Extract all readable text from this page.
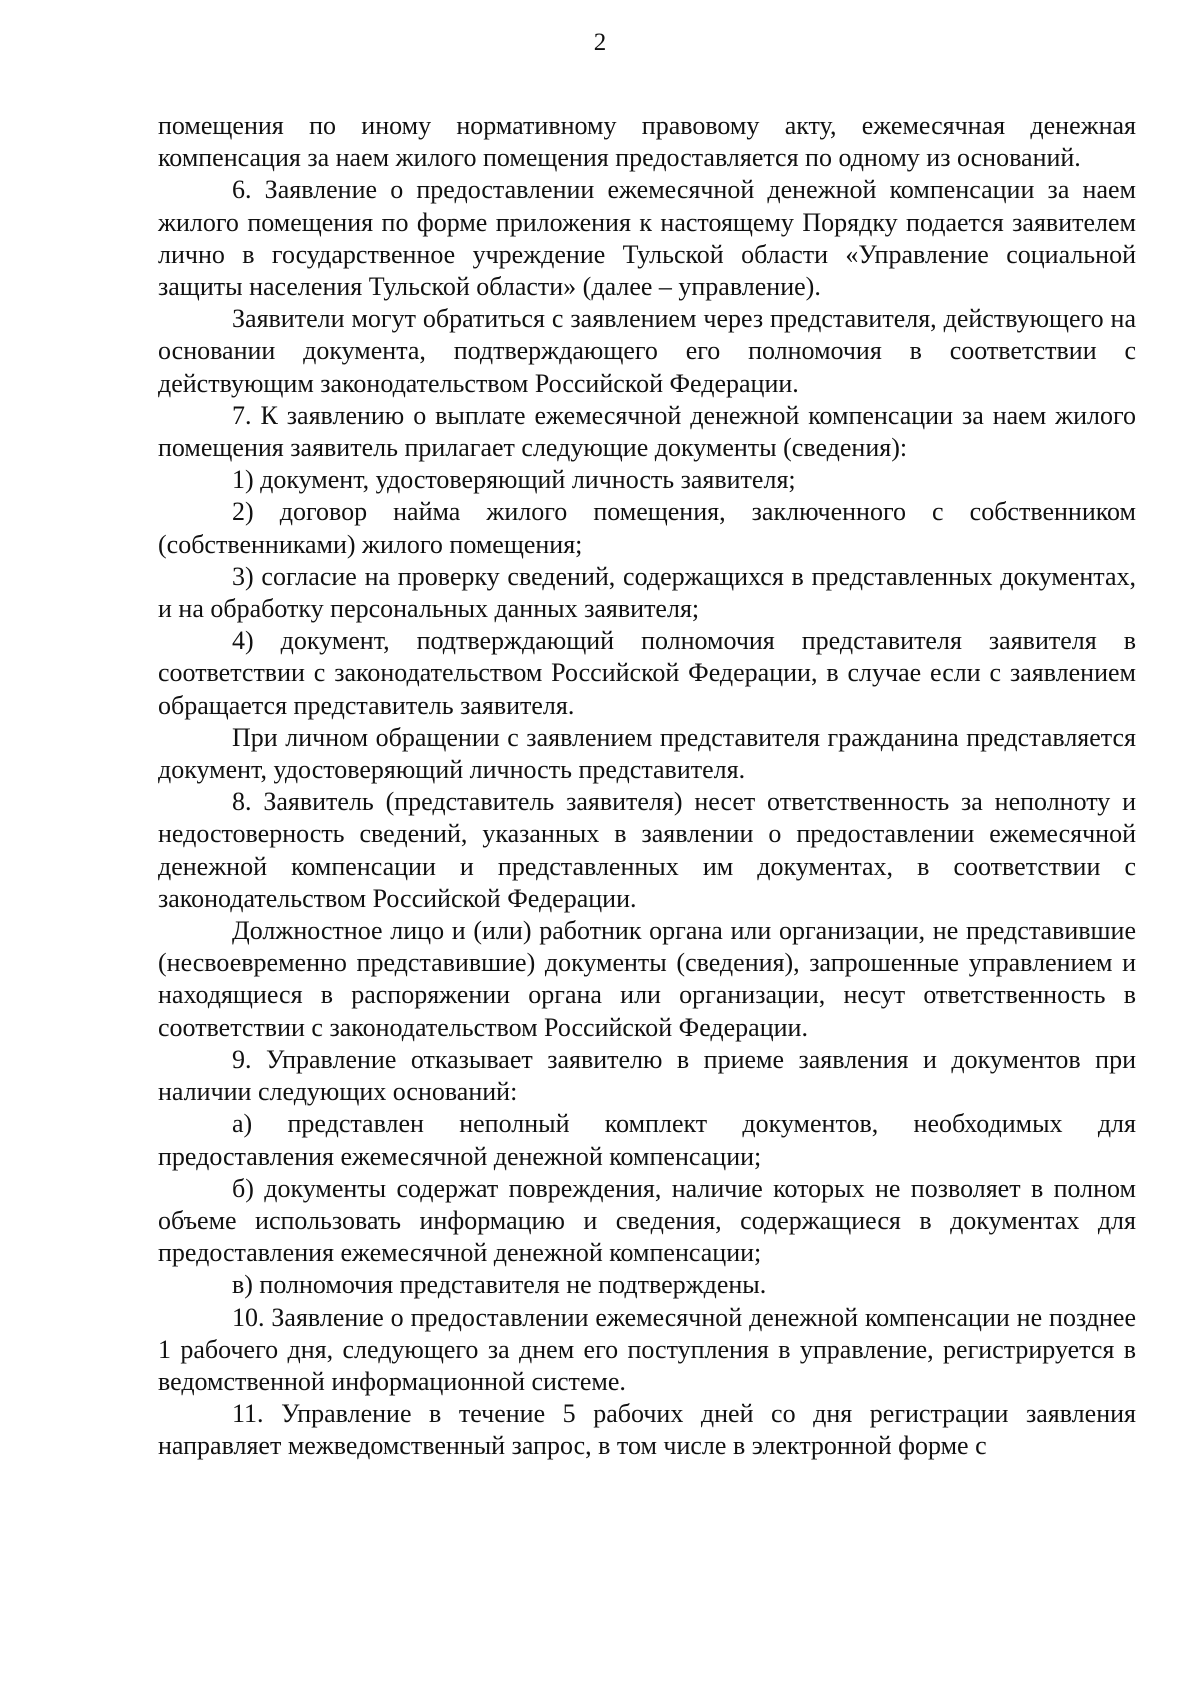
2

помещения по иному нормативному правовому акту, ежемесячная денежная компенсация за наем жилого помещения предоставляется по одному из оснований.

6. Заявление о предоставлении ежемесячной денежной компенсации за наем жилого помещения по форме приложения к настоящему Порядку подается заявителем лично в государственное учреждение Тульской области «Управление социальной защиты населения Тульской области» (далее – управление).

Заявители могут обратиться с заявлением через представителя, действующего на основании документа, подтверждающего его полномочия в соответствии с действующим законодательством Российской Федерации.

7. К заявлению о выплате ежемесячной денежной компенсации за наем жилого помещения заявитель прилагает следующие документы (сведения):

1) документ, удостоверяющий личность заявителя;

2) договор найма жилого помещения, заключенного с собственником (собственниками) жилого помещения;

3) согласие на проверку сведений, содержащихся в представленных документах, и на обработку персональных данных заявителя;

4) документ, подтверждающий полномочия представителя заявителя в соответствии с законодательством Российской Федерации, в случае если с заявлением обращается представитель заявителя.

При личном обращении с заявлением представителя гражданина представляется документ, удостоверяющий личность представителя.

8. Заявитель (представитель заявителя) несет ответственность за неполноту и недостоверность сведений, указанных в заявлении о предоставлении ежемесячной денежной компенсации и представленных им документах, в соответствии с законодательством Российской Федерации.

Должностное лицо и (или) работник органа или организации, не представившие (несвоевременно представившие) документы (сведения), запрошенные управлением и находящиеся в распоряжении органа или организации, несут ответственность в соответствии с законодательством Российской Федерации.

9. Управление отказывает заявителю в приеме заявления и документов при наличии следующих оснований:

а) представлен неполный комплект документов, необходимых для предоставления ежемесячной денежной компенсации;

б) документы содержат повреждения, наличие которых не позволяет в полном объеме использовать информацию и сведения, содержащиеся в документах для предоставления ежемесячной денежной компенсации;

в) полномочия представителя не подтверждены.

10. Заявление о предоставлении ежемесячной денежной компенсации не позднее 1 рабочего дня, следующего за днем его поступления в управление, регистрируется в ведомственной информационной системе.

11. Управление в течение 5 рабочих дней со дня регистрации заявления направляет межведомственный запрос, в том числе в электронной форме с
